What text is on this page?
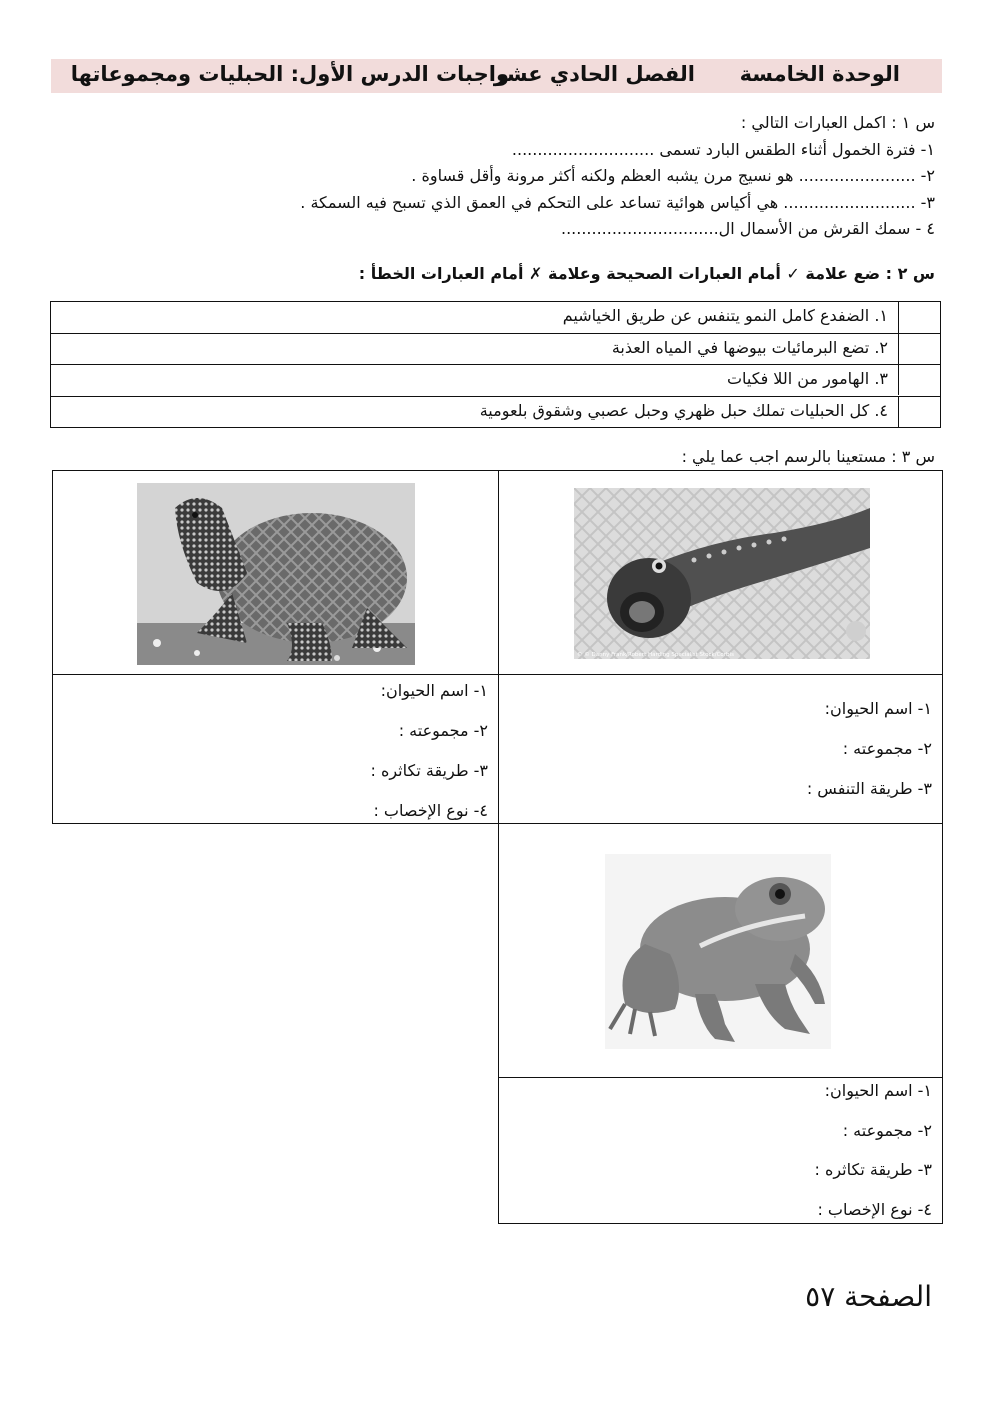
الوحدة الخامسة
الفصل الحادي عشر
واجبات الدرس الأول: الحبليات ومجموعاتها
س ١ : اكمل العبارات التالي :
١- فترة الخمول أثناء الطقس البارد تسمى ............................
٢- ....................... هو نسيج مرن يشبه العظم ولكنه أكثر مرونة وأقل قساوة .
٣- .......................... هي أكياس هوائية تساعد على التحكم في العمق الذي تسبح فيه السمكة .
٤ - سمك القرش من الأسمال ال...............................
س ٢ : ضع علامة ✓ أمام العبارات الصحيحة وعلامة ✗ أمام العبارات الخطأ :
١. الضفدع كامل النمو يتنفس عن طريق الخياشيم
٢. تضع البرمائيات بيوضها في المياه العذبة
٣. الهامور من اللا فكيات
٤. كل الحبليات تملك حبل ظهري وحبل عصبي وشقوق بلعومية
س ٣ : مستعينا بالرسم اجب عما يلي :
© © Danny Frank/Robert Harding Specialist Stock/Corbis
١- اسم الحيوان:
٢- مجموعته :
٣- طريقة تكاثره :
٤- نوع الإخصاب :
١- اسم الحيوان:
٢- مجموعته :
٣- طريقة التنفس :
١- اسم الحيوان:
٢- مجموعته :
٣- طريقة تكاثره :
٤- نوع الإخصاب :
الصفحة ٥٧
